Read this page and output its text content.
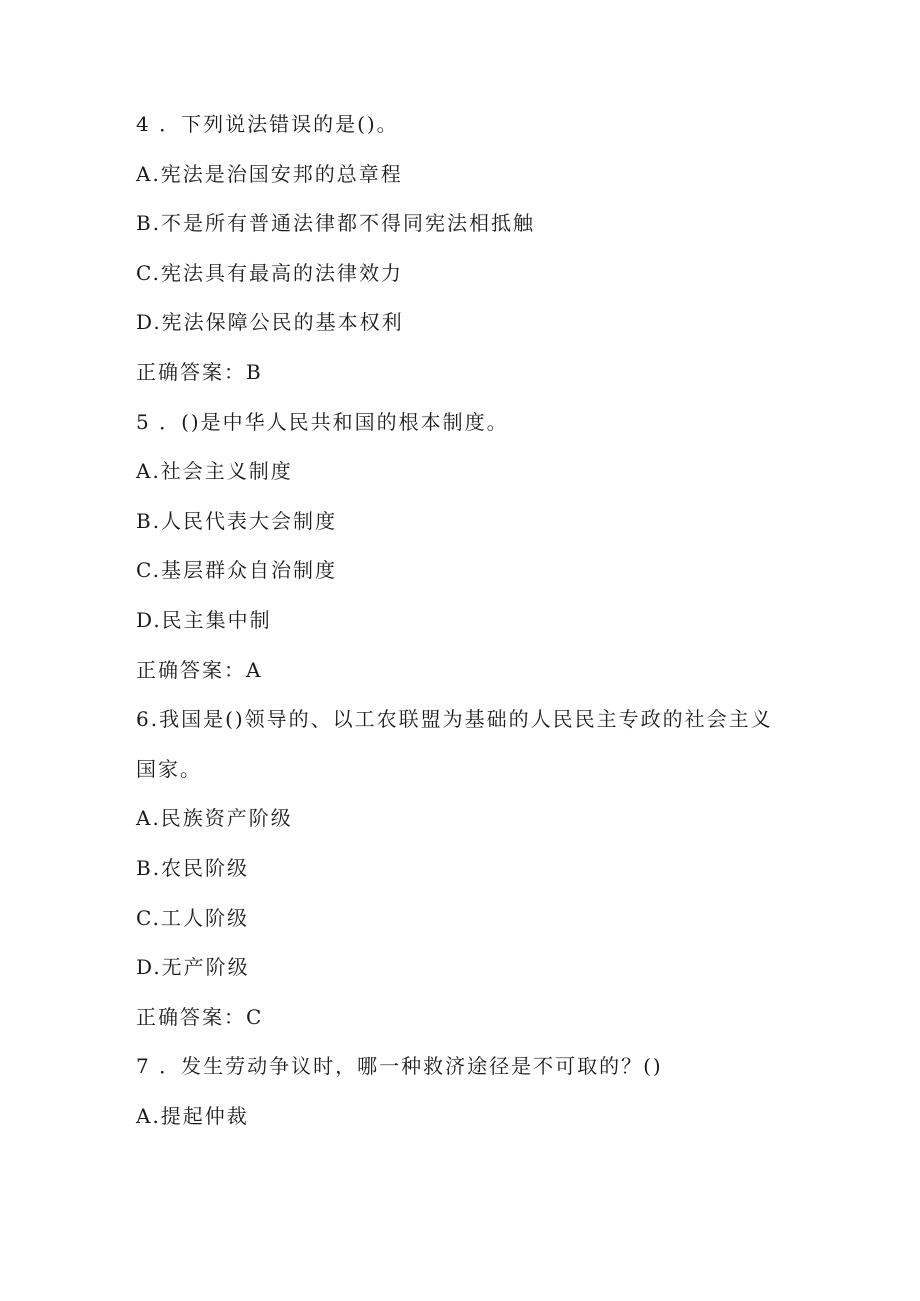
4 ．下列说法错误的是()。
A.宪法是治国安邦的总章程
B.不是所有普通法律都不得同宪法相抵触
C.宪法具有最高的法律效力
D.宪法保障公民的基本权利
正确答案：B
5 ．()是中华人民共和国的根本制度。
A.社会主义制度
B.人民代表大会制度
C.基层群众自治制度
D.民主集中制
正确答案：A
6.我国是()领导的、以工农联盟为基础的人民民主专政的社会主义
国家。
A.民族资产阶级
B.农民阶级
C.工人阶级
D.无产阶级
正确答案：C
7 ．发生劳动争议时，哪一种救济途径是不可取的？()
A.提起仲裁
